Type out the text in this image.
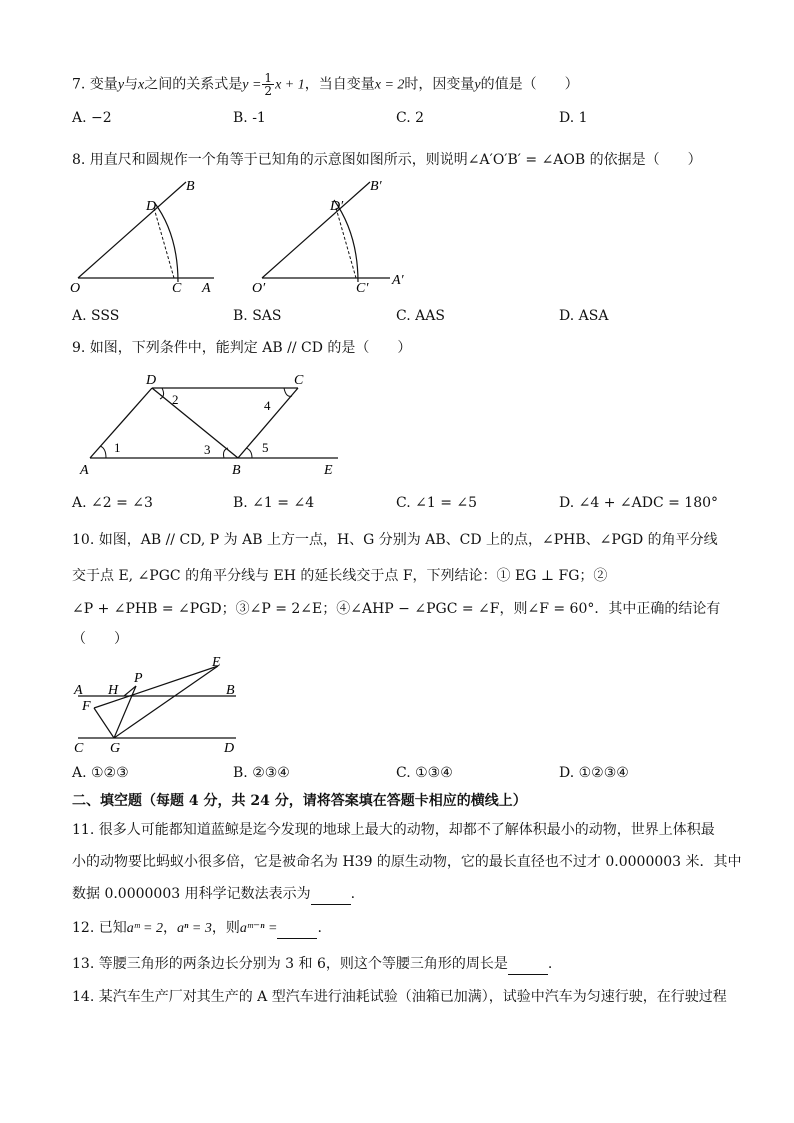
7. 变量y与x之间的关系式是$y = \frac{1}{2}$ x + 1，当自变量x = 2时，因变量y的值是（　　）
A. −2	B. -1	C. 2	D. 1
8. 用直尺和圆规作一个角等于已知角的示意图如图所示，则说明∠A′O′B′ = ∠AOB 的依据是（　　）
B
D
O	C A
B′
D′
O′	C′
A′
A. SSS	B. SAS	C. AAS	D. ASA
9. 如图，下列条件中，能判定 AB // CD 的是（　　）
D	C
2	4
1	3	5
A	B	E
A. ∠2 = ∠3	B. ∠1 = ∠4	C. ∠1 = ∠5	D. ∠4 + ∠ADC = 180°
10. 如图，AB // CD, P 为 AB 上方一点，H、G 分别为 AB、CD 上的点，∠PHB、∠PGD 的角平分线
交于点 E, ∠PGC 的角平分线与 EH 的延长线交于点 F，下列结论：① EG ⊥ FG；②
∠P + ∠PHB = ∠PGD；③∠P = 2∠E；④∠AHP − ∠PGC = ∠F，则∠F = 60°．其中正确的结论有
（　　）
E
P
A H	B
F
C G	D
A. ①②③	B. ②③④	C. ①③④	D. ①②③④
二、填空题（每题 4 分，共 24 分，请将答案填在答题卡相应的横线上）
11. 很多人可能都知道蓝鲸是迄今发现的地球上最大的动物，却都不了解体积最小的动物，世界上体积最
小的动物要比蚂蚁小很多倍，它是被命名为 H39 的原生动物，它的最长直径也不过才 0.0000003 米．其中
数据 0.0000003 用科学记数法表示为	.
12. 已知aᵐ = 2，aⁿ = 3，则aᵐ⁻ⁿ =	.
13. 等腰三角形的两条边长分别为 3 和 6，则这个等腰三角形的周长是	.
14. 某汽车生产厂对其生产的 A 型汽车进行油耗试验（油箱已加满），试验中汽车为匀速行驶，在行驶过程
